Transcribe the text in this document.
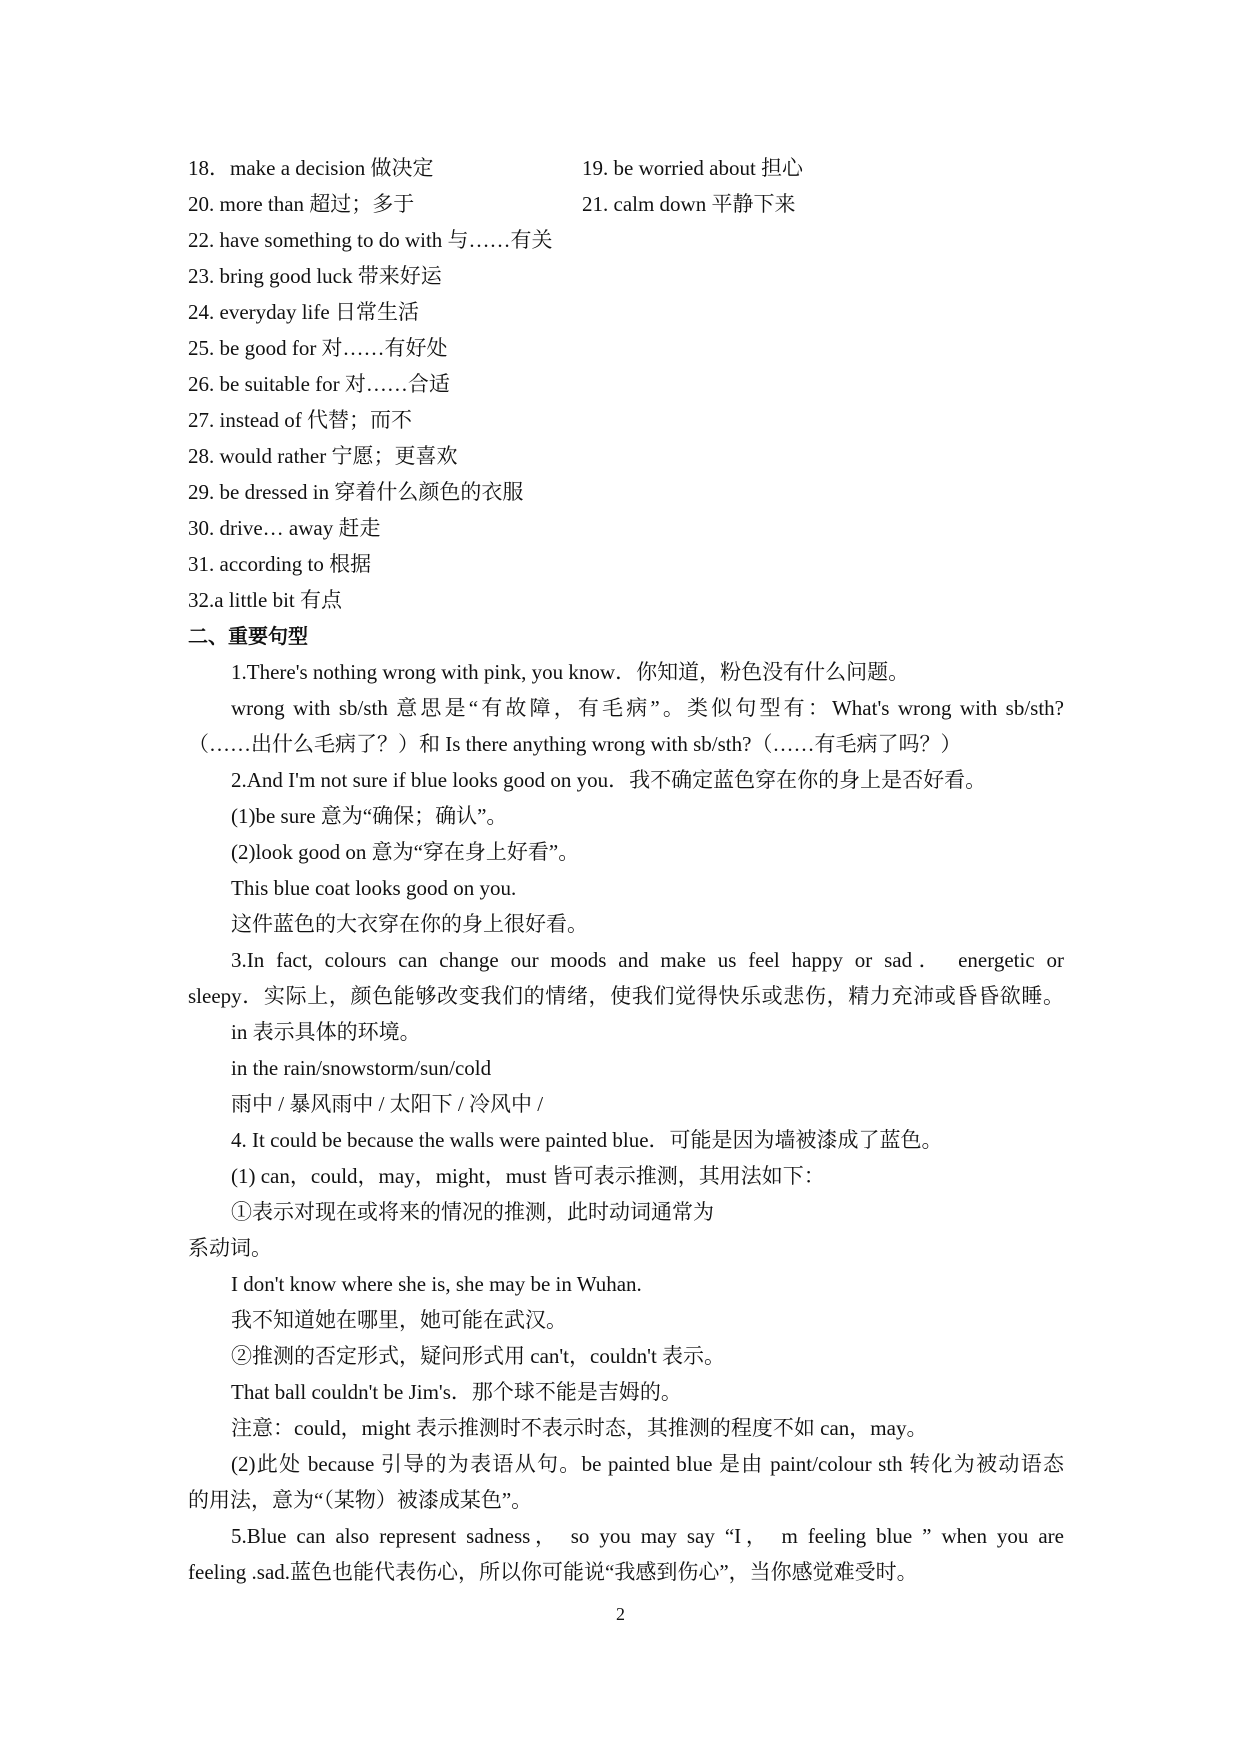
18．make a decision 做决定	19. be worried about 担心
20. more than 超过；多于	21. calm down 平静下来
22. have something to do with 与……有关
23. bring good luck 带来好运
24. everyday life 日常生活
25. be good for 对……有好处
26. be suitable for 对……合适
27. instead of 代替；而不
28. would rather 宁愿；更喜欢
29. be dressed in 穿着什么颜色的衣服
30. drive… away 赶走
31. according to 根据
32.a little bit 有点
二、重要句型
1.There's nothing wrong with pink, you know．你知道，粉色没有什么问题。
wrong with sb/sth 意思是“有故障，有毛病”。类似句型有：What's wrong with sb/sth?
（……出什么毛病了？）和 Is there anything wrong with sb/sth?（……有毛病了吗？）
2.And I'm not sure if blue looks good on you．我不确定蓝色穿在你的身上是否好看。
(1)be sure 意为“确保；确认”。
(2)look good on 意为“穿在身上好看”。
This blue coat looks good on you.
这件蓝色的大衣穿在你的身上很好看。
3.In fact, colours can change our moods and make us feel happy or sad． energetic or
sleepy．实际上，颜色能够改变我们的情绪，使我们觉得快乐或悲伤，精力充沛或昏昏欲睡。
in 表示具体的环境。
in the rain/snowstorm/sun/cold
雨中 / 暴风雨中 / 太阳下 / 冷风中 /
4. It could be because the walls were painted blue．可能是因为墙被漆成了蓝色。
(1) can，could，may，might，must 皆可表示推测，其用法如下：
①表示对现在或将来的情况的推测，此时动词通常为
系动词。
I don't know where she is, she may be in Wuhan.
我不知道她在哪里，她可能在武汉。
②推测的否定形式，疑问形式用 can't，couldn't 表示。
That ball couldn't be Jim's．那个球不能是吉姆的。
注意：could，might 表示推测时不表示时态，其推测的程度不如 can，may。
(2)此处 because 引导的为表语从句。be painted blue 是由 paint/colour sth 转化为被动语态
的用法，意为“（某物）被漆成某色”。
5.Blue can also represent sadness， so you may say “I， m feeling blue ” when you are
feeling .sad.蓝色也能代表伤心，所以你可能说“我感到伤心”，当你感觉难受时。
2
